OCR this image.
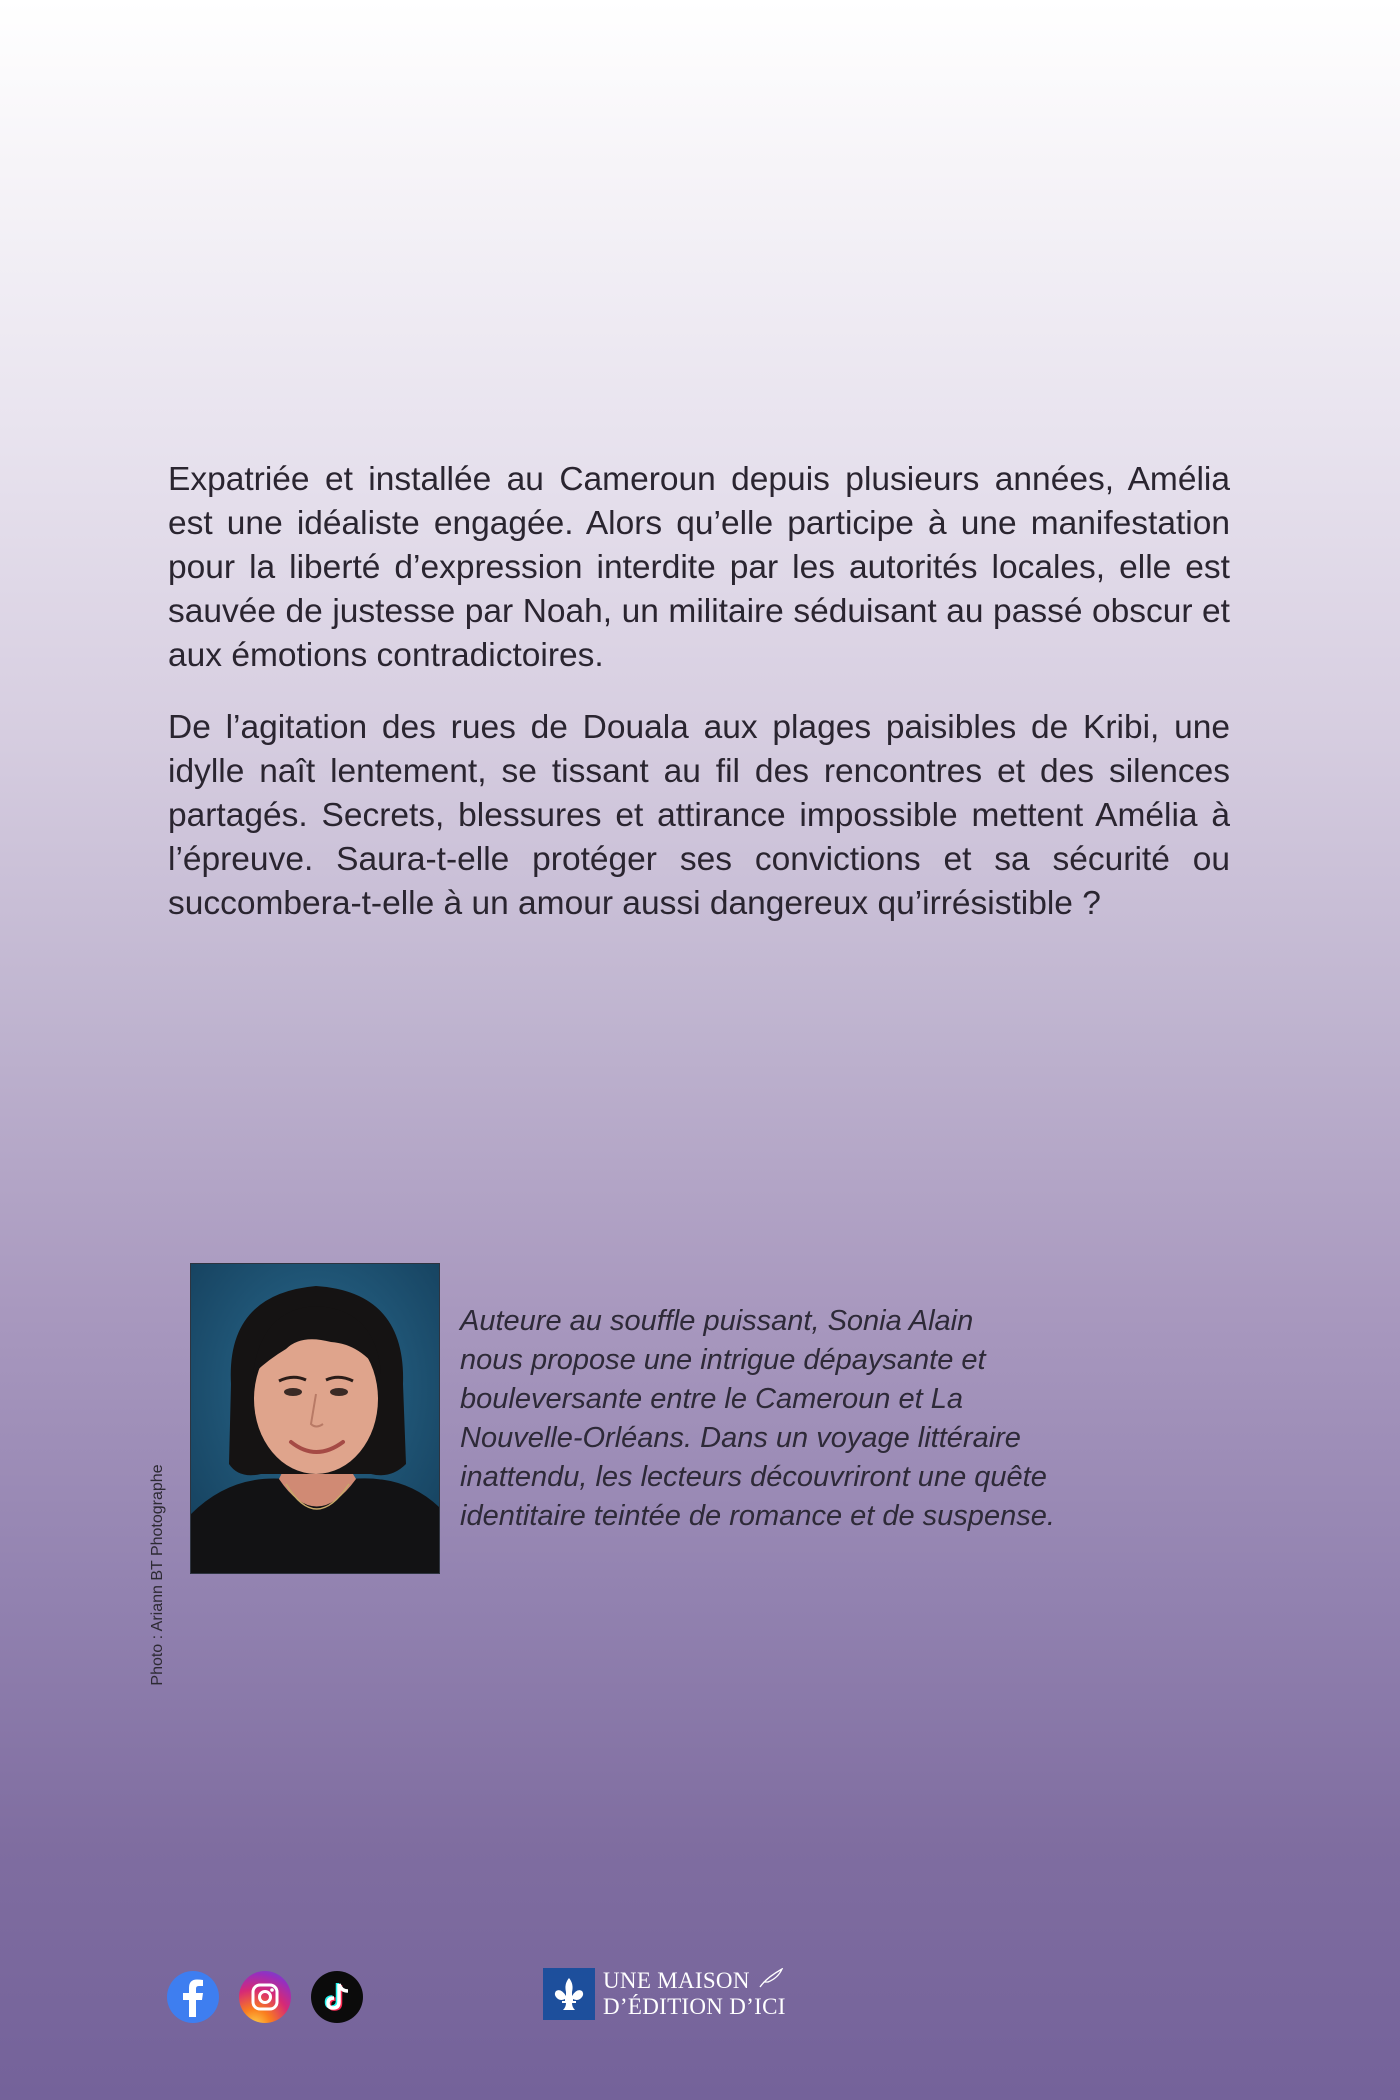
Expatriée et installée au Cameroun depuis plusieurs années, Amélia est une idéaliste engagée. Alors qu’elle participe à une manifestation pour la liberté d’expression interdite par les autorités locales, elle est sauvée de justesse par Noah, un militaire séduisant au passé obscur et aux émotions contradictoires.

De l’agitation des rues de Douala aux plages paisibles de Kribi, une idylle naît lentement, se tissant au fil des rencontres et des silences partagés. Secrets, blessures et attirance impossible mettent Amélia à l’épreuve. Saura-t-elle protéger ses convictions et sa sécurité ou succombera-t-elle à un amour aussi dangereux qu’irrésistible ?

Photo : Ariann BT Photographe
Auteure au souffle puissant, Sonia Alain
nous propose une intrigue dépaysante et
bouleversante entre le Cameroun et La
Nouvelle-Orléans. Dans un voyage littéraire
inattendu, les lecteurs découvriront une quête
identitaire teintée de romance et de suspense.
UNE MAISON
D’ÉDITION D’ICI
